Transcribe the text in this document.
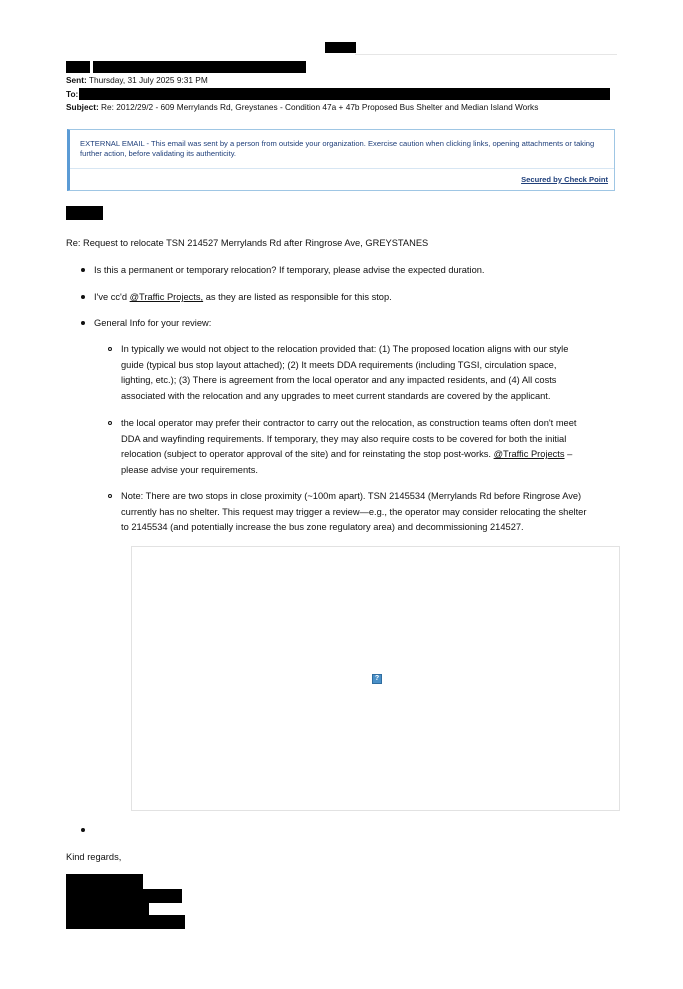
Sent: Thursday, 31 July 2025 9:31 PM
To:
Subject: Re: 2012/29/2 - 609 Merrylands Rd, Greystanes - Condition 47a + 47b Proposed Bus Shelter and Median Island Works
EXTERNAL EMAIL - This email was sent by a person from outside your organization. Exercise caution when clicking links, opening attachments or taking further action, before validating its authenticity.
Secured by Check Point
Re: Request to relocate TSN 214527 Merrylands Rd after Ringrose Ave, GREYSTANES
Is this a permanent or temporary relocation? If temporary, please advise the expected duration.
I've cc'd @Traffic Projects, as they are listed as responsible for this stop.
General Info for your review:
In typically we would not object to the relocation provided that: (1) The proposed location aligns with our style
guide (typical bus stop layout attached); (2) It meets DDA requirements (including TGSI, circulation space,
lighting, etc.); (3) There is agreement from the local operator and any impacted residents, and (4) All costs
associated with the relocation and any upgrades to meet current standards are covered by the applicant.
the local operator may prefer their contractor to carry out the relocation, as construction teams often don't meet
DDA and wayfinding requirements. If temporary, they may also require costs to be covered for both the initial
relocation (subject to operator approval of the site) and for reinstating the stop post-works. @Traffic Projects –
please advise your requirements.
Note: There are two stops in close proximity (~100m apart). TSN 2145534 (Merrylands Rd before Ringrose Ave)
currently has no shelter. This request may trigger a review—e.g., the operator may consider relocating the shelter
to 2145534 (and potentially increase the bus zone regulatory area) and decommissioning 214527.
?
Kind regards,
